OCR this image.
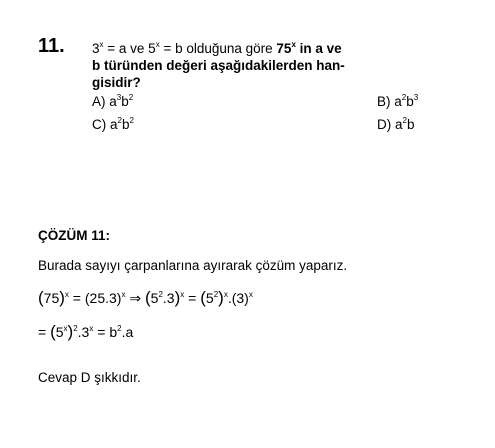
11. $3^x = a$ ve $5^x = b$ olduğuna göre 75$^x$ in a ve
b türünden değeri aşağıdakilerden han-
gisidir?
A) $a^3b^2$	B) $a^2b^3$
C) $a^2b^2$	D) $a^2b$
ÇÖZÜM 11:
Burada sayıyı çarpanlarına ayırarak çözüm yaparız.
$(75)^x = (25.3)^x$ ⇒ $(5^2.3)^x = (5^2)^x.(3)^x$
= $(5^x)^2.3^x = b^2.a$
Cevap D şıkkıdır.
